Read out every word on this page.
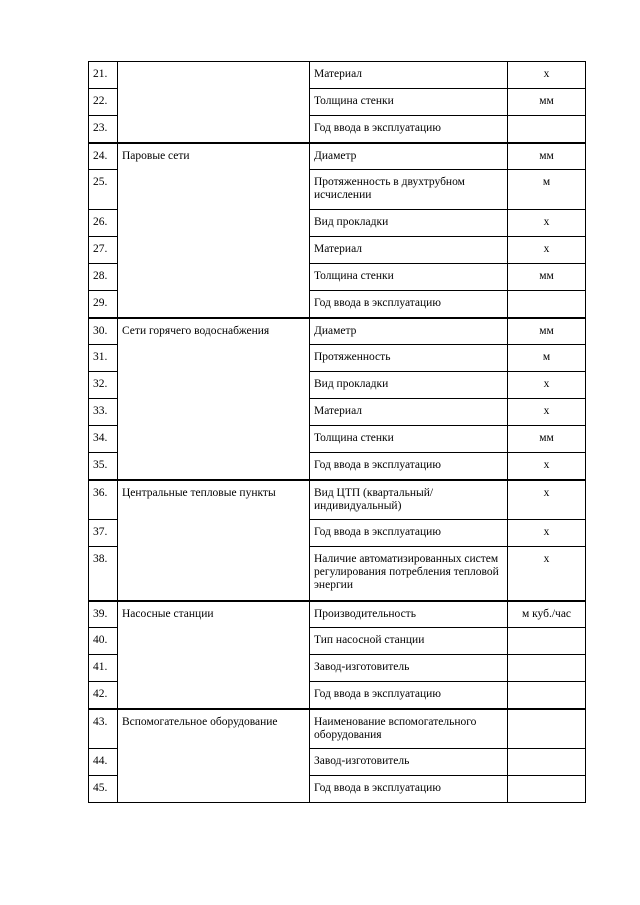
21.		Материал	х
22.		Толщина стенки	мм
23.		Год ввода в эксплуатацию	
24.	Паровые сети	Диаметр	мм
25.		Протяженность в двухтрубном исчислении	м
26.		Вид прокладки	х
27.		Материал	х
28.		Толщина стенки	мм
29.		Год ввода в эксплуатацию	
30.	Сети горячего водоснабжения	Диаметр	мм
31.		Протяженность	м
32.		Вид прокладки	х
33.		Материал	х
34.		Толщина стенки	мм
35.		Год ввода в эксплуатацию	х
36.	Центральные тепловые пункты	Вид ЦТП (квартальный/индивидуальный)	х
37.		Год ввода в эксплуатацию	х
38.		Наличие автоматизированных систем регулирования потребления тепловой энергии	х
39.	Насосные станции	Производительность	м куб./час
40.		Тип насосной станции	
41.		Завод-изготовитель	
42.		Год ввода в эксплуатацию	
43.	Вспомогательное оборудование	Наименование вспомогательного оборудования	
44.		Завод-изготовитель	
45.		Год ввода в эксплуатацию	
